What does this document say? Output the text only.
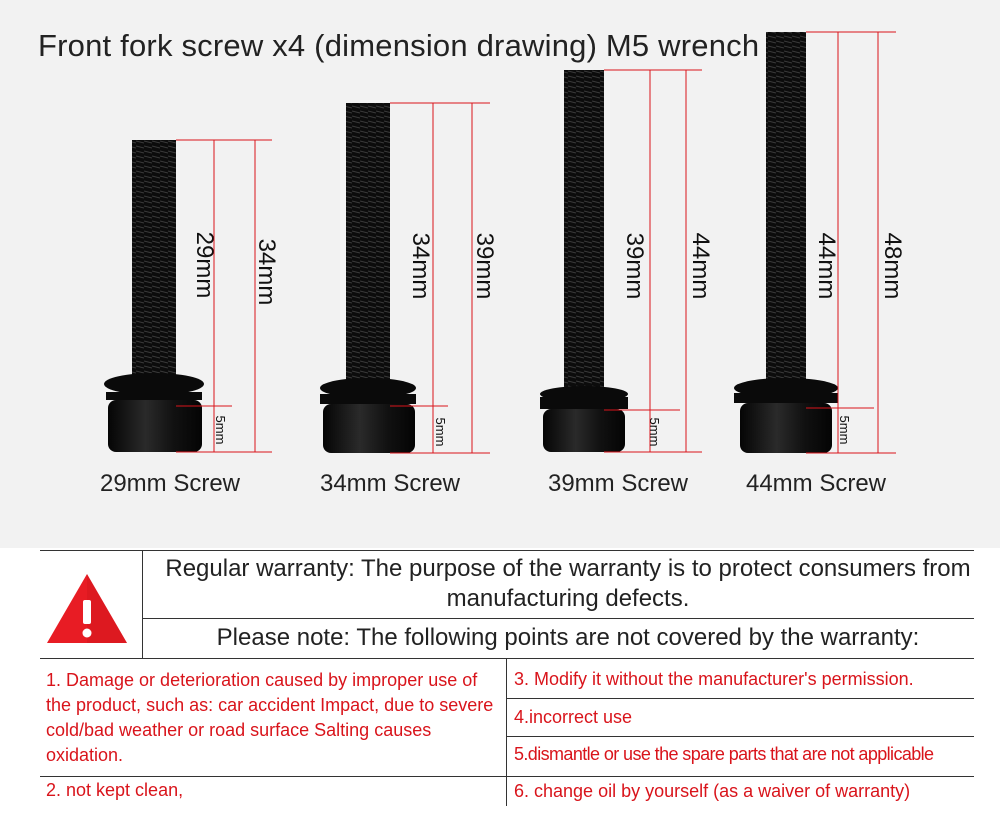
Front fork screw x4 (dimension drawing) M5 wrench
29mm 34mm
5mm
34mm 39mm
5mm
39mm 44mm
5mm
44mm 48mm
5mm
29mm Screw	34mm Screw	39mm Screw	44mm Screw
Regular warranty: The purpose of the warranty is to protect consumers from manufacturing defects.
Please note: The following points are not covered by the warranty:
1. Damage or deterioration caused by improper use of the product, such as: car accident Impact, due to severe cold/bad weather or road surface Salting causes oxidation.
2. not kept clean,
3. Modify it without the manufacturer's permission.
4.incorrect use
5.dismantle or use the spare parts that are not applicable
6. change oil by yourself (as a waiver of warranty)
